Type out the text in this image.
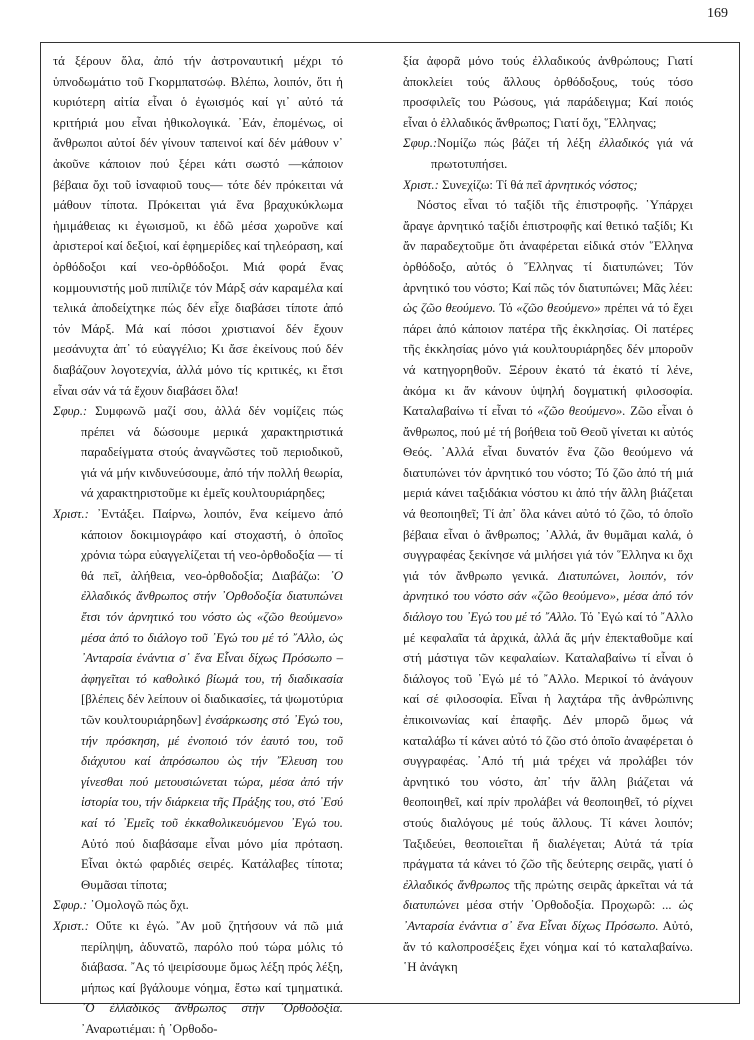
169

τά ξέρουν ὅλα, ἀπό τήν ἀστροναυτική μέχρι τό ὑπνοδωμάτιο τοῦ Γκορμπατσώφ. Βλέπω, λοιπόν, ὅτι ἡ κυριότερη αἰτία εἶναι ὁ ἐγωισμός καί γι᾽ αὐτό τά κριτήριά μου εἶναι ἠθικολογικά. ᾽Εάν, ἐπομένως, οἱ ἄνθρωποι αὐτοί δέν γίνουν ταπεινοί καί δέν μάθουν ν᾽ ἀκοῦνε κάποιον πού ξέρει κάτι σωστό —κάποιον βέβαια ὄχι τοῦ ἰσναφιοῦ τους— τότε δέν πρόκειται νά μάθουν τίποτα. Πρόκειται γιά ἕνα βραχυκύκλωμα ἡμιμάθειας κι ἐγωισμοῦ, κι ἐδῶ μέσα χωροῦνε καί ἀριστεροί καί δεξιοί, καί ἐφημερίδες καί τηλεόραση, καί ὀρθόδοξοι καί νεο-ὀρθόδοξοι. Μιά φορά ἕνας κομμουνιστής μοῦ πιπίλιζε τόν Μάρξ σάν καραμέλα καί τελικά ἀποδείχτηκε πώς δέν εἶχε διαβάσει τίποτε ἀπό τόν Μάρξ. Μά καί πόσοι χριστιανοί δέν ἔχουν μεσάνυχτα ἀπ᾽ τό εὐαγγέλιο; Κι ἄσε ἐκείνους πού δέν διαβάζουν λογοτεχνία, ἀλλά μόνο τίς κριτικές, κι ἔτσι εἶναι σάν νά τά ἔχουν διαβάσει ὅλα!

Σφυρ.: Συμφωνῶ μαζί σου, ἀλλά δέν νομίζεις πώς πρέπει νά δώσουμε μερικά χαρακτηριστικά παραδείγματα στούς ἀναγνῶστες τοῦ περιοδικοῦ, γιά νά μήν κινδυνεύσουμε, ἀπό τήν πολλή θεωρία, νά χαρακτηριστοῦμε κι ἐμεῖς κουλτουριάρηδες;

Χριστ.: ᾽Εντάξει. Παίρνω, λοιπόν, ἕνα κείμενο ἀπό κάποιον δοκιμιογράφο καί στοχαστή, ὁ ὁποῖος χρόνια τώρα εὐαγγελίζεται τή νεο-ὀρθοδοξία — τί θά πεῖ, ἀλήθεια, νεο-ὀρθοδοξία; Διαβάζω: ᾽Ο ἐλλαδικός ἄνθρωπος στήν ᾽Ορθοδοξία διατυπώνει ἔτσι τόν ἀρνητικό του νόστο ὡς «ζῶο θεούμενο» μέσα ἀπό το διάλογο τοῦ ᾽Εγώ του μέ τό ῎Αλλο, ὡς ᾽Ανταρσία ἐνάντια σ᾽ ἕνα Εἶναι δίχως Πρόσωπο – ἀφηγεῖται τό καθολικό βίωμά του, τή διαδικασία [βλέπεις δέν λείπουν οἱ διαδικασίες, τά ψωμοτύρια τῶν κουλτουριάρηδων] ἐνσάρκωσης στό ᾽Εγώ του, τήν πρόσκηση, μέ ἐνοποιό τόν ἑαυτό του, τοῦ διάχυτου καί ἀπρόσωπου ὡς τήν ῎Ελευση του γίνεσθαι πού μετουσιώνεται τώρα, μέσα ἀπό τήν ἱστορία του, τήν διάρκεια τῆς Πράξης του, στό ᾽Εσύ καί τό ᾽Εμεῖς τοῦ ἐκκαθολικευόμενου ᾽Εγώ του. Αὐτό πού διαβάσαμε εἶναι μόνο μία πρόταση. Εἶναι ὀκτώ φαρδιές σειρές. Κατάλαβες τίποτα; Θυμᾶσαι τίποτα;

Σφυρ.: ᾽Ομολογῶ πώς ὄχι.

Χριστ.: Οὔτε κι ἐγώ. ῎Αν μοῦ ζητήσουν νά πῶ μιά περίληψη, ἀδυνατῶ, παρόλο πού τώρα μόλις τό διάβασα. ῎Ας τό ψειρίσουμε ὅμως λέξη πρός λέξη, μήπως καί βγάλουμε νόημα, ἔστω καί τμηματικά. ᾽Ο ἐλλαδικός ἄνθρωπος στήν ᾽Ορθοδοξία. ᾽Αναρωτιέμαι: ἡ ᾽Ορθοδο-

ξία ἀφορᾶ μόνο τούς ἐλλαδικούς ἀνθρώπους; Γιατί ἀποκλείει τούς ἄλλους ὀρθόδοξους, τούς τόσο προσφιλεῖς του Ρώσους, γιά παράδειγμα; Καί ποιός εἶναι ὁ ἐλλαδικός ἄνθρωπος; Γιατί ὄχι, ῞Ελληνας;

Σφυρ.:Νομίζω πώς βάζει τή λέξη ἐλλαδικός γιά νά πρωτοτυπήσει.

Χριστ.: Συνεχίζω: Τί θά πεῖ ἀρνητικός νόστος;

Νόστος εἶναι τό ταξίδι τῆς ἐπιστροφῆς. ῾Υπάρχει ἄραγε ἀρνητικό ταξίδι ἐπιστροφῆς καί θετικό ταξίδι; Κι ἄν παραδεχτοῦμε ὅτι ἀναφέρεται εἰδικά στόν ῞Ελληνα ὀρθόδοξο, αὐτός ὁ ῞Ελληνας τί διατυπώνει; Τόν ἀρνητικό του νόστο; Καί πῶς τόν διατυπώνει; Μᾶς λέει: ὡς ζῶο θεούμενο. Τό «ζῶο θεούμενο» πρέπει νά τό ἔχει πάρει ἀπό κάποιον πατέρα τῆς ἐκκλησίας. Οἱ πατέρες τῆς ἐκκλησίας μόνο γιά κουλτουριάρηδες δέν μποροῦν νά κατηγορηθοῦν. Ξέρουν ἑκατό τά ἑκατό τί λένε, ἀκόμα κι ἄν κάνουν ὑψηλή δογματική φιλοσοφία. Καταλαβαίνω τί εἶναι τό «ζῶο θεούμενο». Ζῶο εἶναι ὁ ἄνθρωπος, πού μέ τή βοήθεια τοῦ Θεοῦ γίνεται κι αὐτός Θεός. ᾽Αλλά εἶναι δυνατόν ἕνα ζῶο θεούμενο νά διατυπώνει τόν ἀρνητικό του νόστο; Τό ζῶο ἀπό τή μιά μεριά κάνει ταξιδάκια νόστου κι ἀπό τήν ἄλλη βιάζεται νά θεοποιηθεῖ; Τί ἀπ᾽ ὅλα κάνει αὐτό τό ζῶο, τό ὁποῖο βέβαια εἶναι ὁ ἄνθρωπος; ᾽Αλλά, ἄν θυμᾶμαι καλά, ὁ συγγραφέας ξεκίνησε νά μιλήσει γιά τόν ῞Ελληνα κι ὄχι γιά τόν ἄνθρωπο γενικά. Διατυπώνει, λοιπόν, τόν ἀρνητικό του νόστο σάν «ζῶο θεούμενο», μέσα ἀπό τόν διάλογο του ᾽Εγώ του μέ τό ῎Αλλο. Τό ᾽Εγώ καί τό ῎Αλλο μέ κεφαλαῖα τά ἀρχικά, ἀλλά ἄς μήν ἐπεκταθοῦμε καί στή μάστιγα τῶν κεφαλαίων. Καταλαβαίνω τί εἶναι ὁ διάλογος τοῦ ᾽Εγώ μέ τό ῎Αλλο. Μερικοί τό ἀνάγουν καί σέ φιλοσοφία. Εἶναι ἡ λαχτάρα τῆς ἀνθρώπινης ἐπικοινωνίας καί ἐπαφῆς. Δέν μπορῶ ὅμως νά καταλάβω τί κάνει αὐτό τό ζῶο στό ὁποῖο ἀναφέρεται ὁ συγγραφέας. ᾽Από τή μιά τρέχει νά προλάβει τόν ἀρνητικό του νόστο, ἀπ᾽ τήν ἄλλη βιάζεται νά θεοποιηθεῖ, καί πρίν προλάβει νά θεοποιηθεῖ, τό ρίχνει στούς διαλόγους μέ τούς ἄλλους. Τί κάνει λοιπόν; Ταξιδεύει, θεοποιεῖται ἤ διαλέγεται; Αὐτά τά τρία πράγματα τά κάνει τό ζῶο τῆς δεύτερης σειρᾶς, γιατί ὁ ἐλλαδικός ἄνθρωπος τῆς πρώτης σειρᾶς ἀρκεῖται νά τά διατυπώνει μέσα στήν ᾽Ορθοδοξία. Προχωρῶ: ... ὡς ᾽Ανταρσία ἐνάντια σ᾽ ἕνα Εἶναι δίχως Πρόσωπο. Αὐτό, ἄν τό καλοπροσέξεις ἔχει νόημα καί τό καταλαβαίνω. ῾Η ἀνάγκη
